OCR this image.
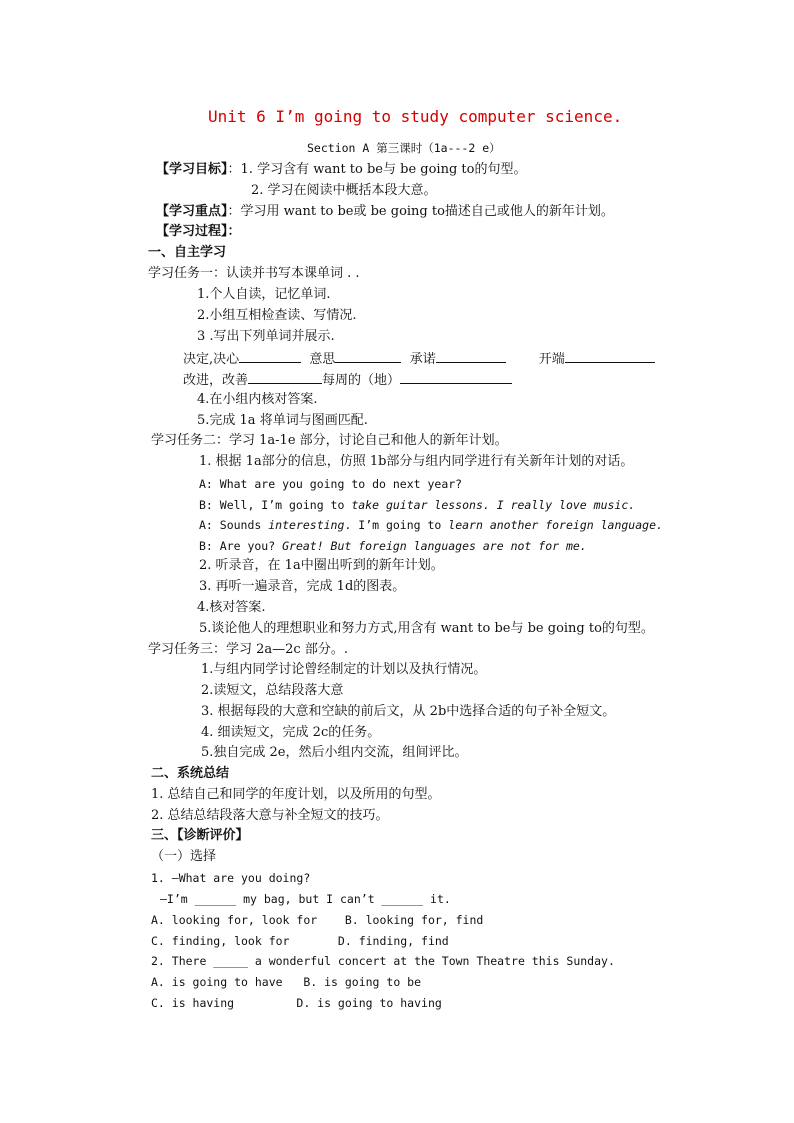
Unit 6 I’m going to study computer science.
Section A 第三课时（1a---2 e）
【学习目标】：1. 学习含有 want to be与 be going to的句型。
2. 学习在阅读中概括本段大意。
【学习重点】：学习用 want to be或 be going to描述自己或他人的新年计划。
【学习过程】：
一、自主学习
学习任务一：认读并书写本课单词 . .
1.个人自读，记忆单词.
2.小组互相检查读、写情况.
3 .写出下列单词并展示.
决定,决心	意思	承诺	开端
改进，改善	每周的（地）
4.在小组内核对答案.
5.完成 1a 将单词与图画匹配.
学习任务二：学习 1a-1e 部分，讨论自己和他人的新年计划。
1. 根据 1a部分的信息，仿照 1b部分与组内同学进行有关新年计划的对话。
A: What are you going to do next year?
B: Well, I’m going to take guitar lessons. I really love music.
A: Sounds interesting. I’m going to learn another foreign language.
B: Are you? Great! But foreign languages are not for me.
2. 听录音，在 1a中圈出听到的新年计划。
3. 再听一遍录音，完成 1d的图表。
4.核对答案.
5.谈论他人的理想职业和努力方式,用含有 want to be与 be going to的句型。
学习任务三：学习 2a—2c 部分。.
1.与组内同学讨论曾经制定的计划以及执行情况。
2.读短文，总结段落大意
3. 根据每段的大意和空缺的前后文，从 2b中选择合适的句子补全短文。
4. 细读短文，完成 2c的任务。
5.独自完成 2e，然后小组内交流，组间评比。
二、系统总结
1. 总结自己和同学的年度计划，以及所用的句型。
2. 总结总结段落大意与补全短文的技巧。
三、【诊断评价】
（一）选择
1. —What are you doing?
—I’m ______ my bag, but I can’t ______ it.
A. looking for, look for    B. looking for, find
C. finding, look for       D. finding, find
2. There _____ a wonderful concert at the Town Theatre this Sunday.
A. is going to have   B. is going to be
C. is having         D. is going to having
